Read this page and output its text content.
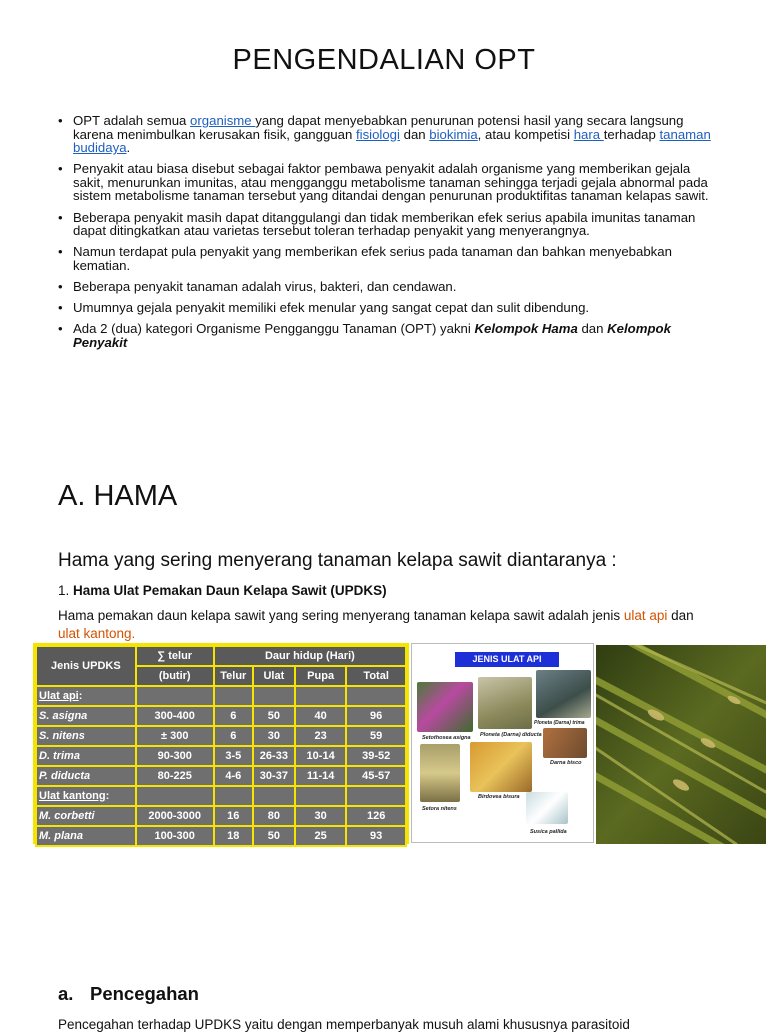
PENGENDALIAN OPT
• OPT adalah semua organisme yang dapat menyebabkan penurunan potensi hasil yang secara langsung karena menimbulkan kerusakan fisik, gangguan fisiologi dan biokimia, atau kompetisi hara terhadap tanaman budidaya.
• Penyakit atau biasa disebut sebagai faktor pembawa penyakit adalah organisme yang memberikan gejala sakit, menurunkan imunitas, atau mengganggu metabolisme tanaman sehingga terjadi gejala abnormal pada sistem metabolisme tanaman tersebut yang ditandai dengan penurunan produktifitas tanaman kelapas sawit.
• Beberapa penyakit masih dapat ditanggulangi dan tidak memberikan efek serius apabila imunitas tanaman dapat ditingkatkan atau varietas tersebut toleran terhadap penyakit yang menyerangnya.
• Namun terdapat pula penyakit yang memberikan efek serius pada tanaman dan bahkan menyebabkan kematian.
• Beberapa penyakit tanaman adalah virus, bakteri, dan cendawan.
• Umumnya gejala penyakit memiliki efek menular yang sangat cepat dan sulit dibendung.
• Ada 2 (dua) kategori Organisme Pengganggu Tanaman (OPT) yakni Kelompok Hama dan Kelompok Penyakit
A. HAMA
Hama yang sering menyerang tanaman kelapa sawit diantaranya :

1. Hama Ulat Pemakan Daun Kelapa Sawit (UPDKS)

Hama pemakan daun kelapa sawit yang sering menyerang tanaman kelapa sawit adalah jenis ulat api dan ulat kantong.

Jenis UPDKS	∑ telur	Daur hidup (Hari)			
	(butir)	Telur	Ulat	Pupa	Total
Ulat api:					
S. asigna	300-400	6	50	40	96
S. nitens	± 300	6	30	23	59
D. trima	90-300	3-5	26-33	10-14	39-52
P. diducta	80-225	4-6	30-37	11-14	45-57
Ulat kantong:					
M. corbetti	2000-3000	16	80	30	126
M. plana	100-300	18	50	25	93
JENIS ULAT API
Setothosea asigna Ploneta (Darna) diducta
Ploneta (Darna) trima
Darna bisco
Setora nitens
Birdovea bisura
Susica pallida
a. Pencegahan

Pencegahan terhadap UPDKS yaitu dengan memperbanyak musuh alami khususnya parasitoid
